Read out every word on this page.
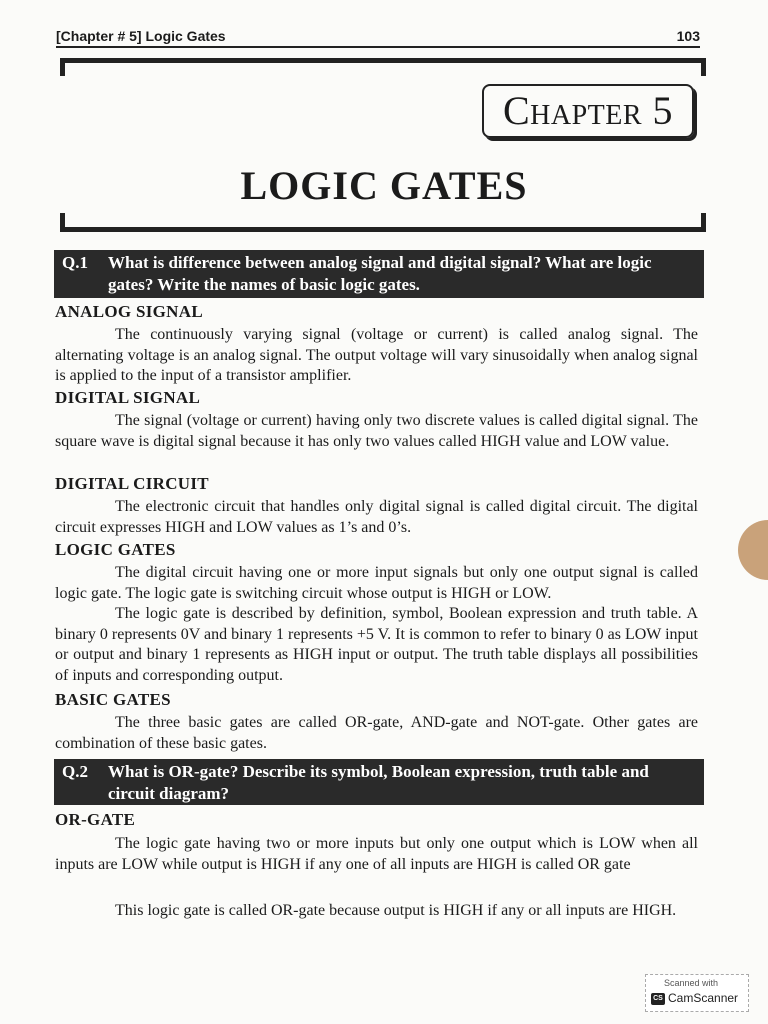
[Chapter # 5] Logic Gates	103
Chapter 5
LOGIC GATES
Q.1 What is difference between analog signal and digital signal? What are logic gates? Write the names of basic logic gates.
ANALOG SIGNAL

The continuously varying signal (voltage or current) is called analog signal. The alternating voltage is an analog signal. The output voltage will vary sinusoidally when analog signal is applied to the input of a transistor amplifier.

DIGITAL SIGNAL

The signal (voltage or current) having only two discrete values is called digital signal. The square wave is digital signal because it has only two values called HIGH value and LOW value.

DIGITAL CIRCUIT

The electronic circuit that handles only digital signal is called digital circuit. The digital circuit expresses HIGH and LOW values as 1’s and 0’s.

LOGIC GATES

The digital circuit having one or more input signals but only one output signal is called logic gate. The logic gate is switching circuit whose output is HIGH or LOW.

The logic gate is described by definition, symbol, Boolean expression and truth table. A binary 0 represents 0V and binary 1 represents +5 V. It is common to refer to binary 0 as LOW input or output and binary 1 represents as HIGH input or output. The truth table displays all possibilities of inputs and corresponding output.

BASIC GATES

The three basic gates are called OR-gate, AND-gate and NOT-gate. Other gates are combination of these basic gates.

Q.2 What is OR-gate? Describe its symbol, Boolean expression, truth table and circuit diagram?
OR-GATE

The logic gate having two or more inputs but only one output which is LOW when all inputs are LOW while output is HIGH if any one of all inputs are HIGH is called OR gate

This logic gate is called OR-gate because output is HIGH if any or all inputs are HIGH.

Scanned with
CS CamScanner
